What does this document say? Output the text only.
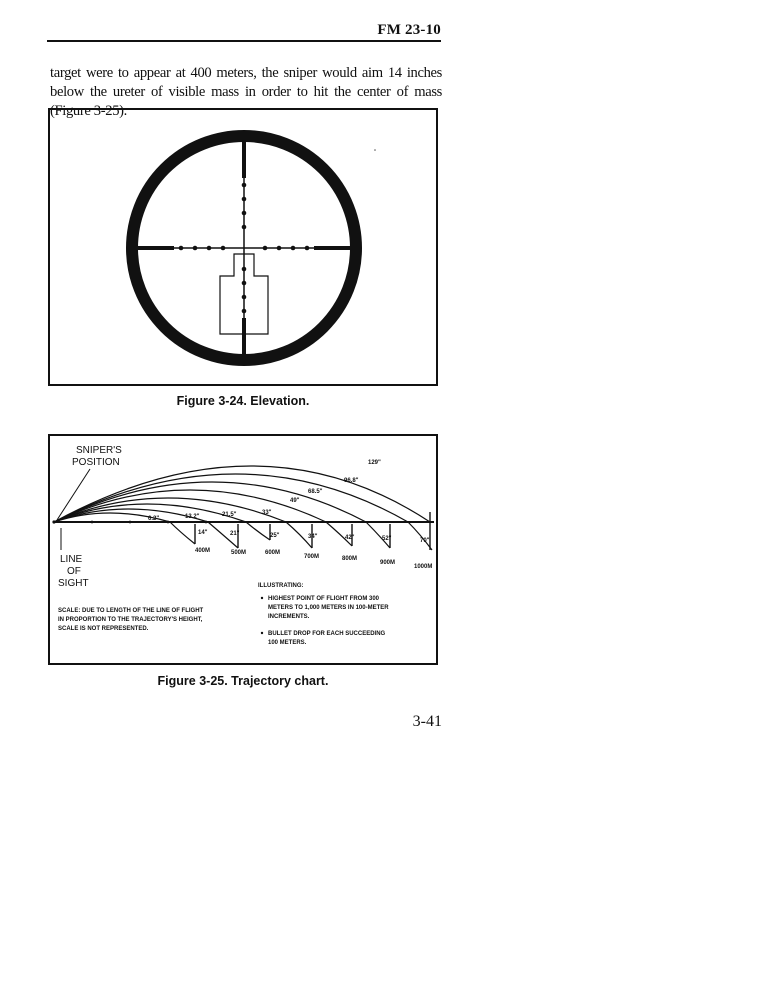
FM 23-10

target were to appear at 400 meters, the sniper would aim 14 inches below the ureter of visible mass in order to hit the center of mass (Figure 3-25).

Figure 3-24. Elevation.
SNIPER'S
POSITION
6.2"	13.2"	21.5"	33"
49"
68.5"
96.8"
129"
14"	21"	25"	34"	42"	52"	70"
400M	500M	600M
700M	800M
900M
1000M
LINE
OF
SIGHT
SCALE: DUE TO LENGTH OF THE LINE OF FLIGHT
IN PROPORTION TO THE TRAJECTORY'S HEIGHT,
SCALE IS NOT REPRESENTED.
ILLUSTRATING:
HIGHEST POINT OF FLIGHT FROM 300
METERS TO 1,000 METERS IN 100-METER
INCREMENTS.
BULLET DROP FOR EACH SUCCEEDING
100 METERS.
Figure 3-25. Trajectory chart.
3-41
